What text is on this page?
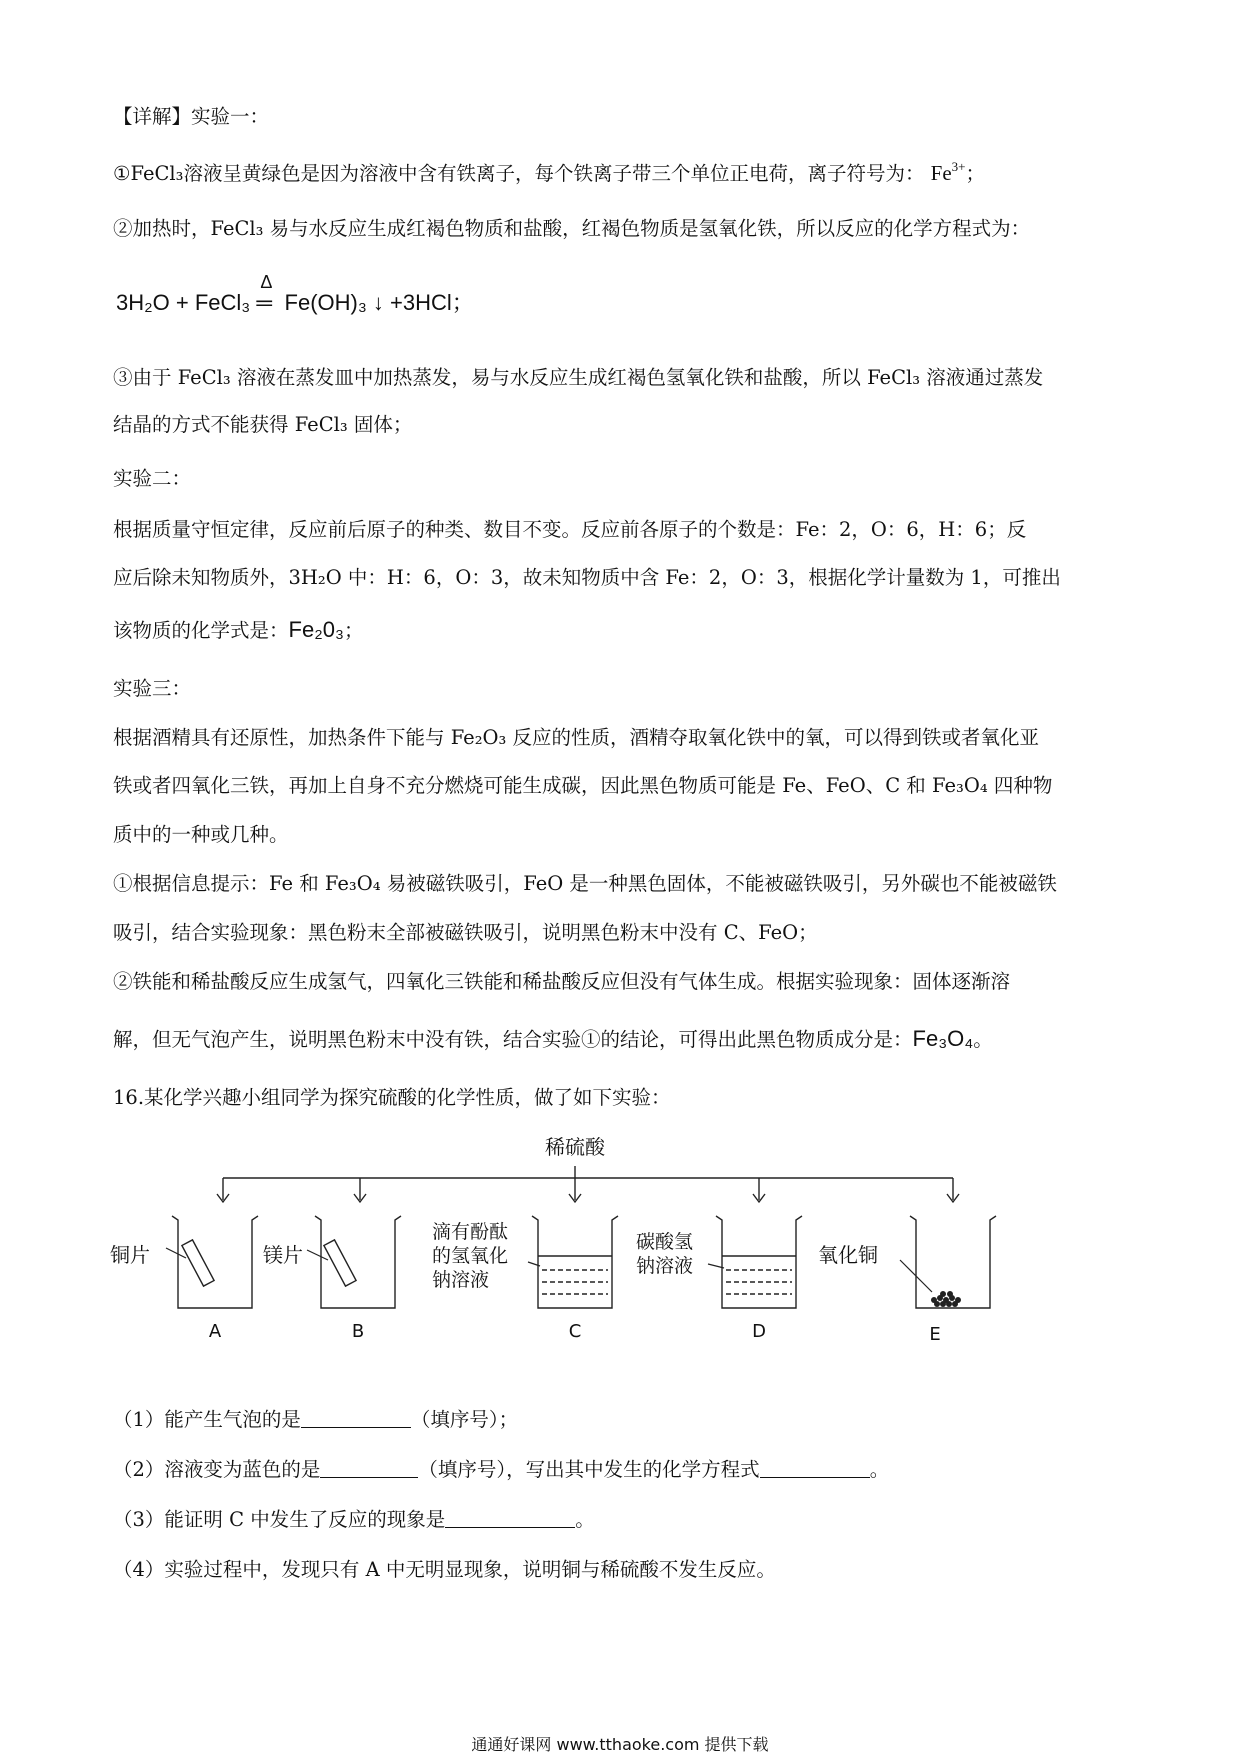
【详解】实验一：
①FeCl₃溶液呈黄绿色是因为溶液中含有铁离子，每个铁离子带三个单位正电荷，离子符号为： $Fe^{3+}$；
②加热时，FeCl₃ 易与水反应生成红褐色物质和盐酸，红褐色物质是氢氧化铁，所以反应的化学方程式为：
3H₂O + FeCl₃
Δ
═ Fe(OH)₃ ↓ +3HCl；
③由于 FeCl₃ 溶液在蒸发皿中加热蒸发，易与水反应生成红褐色氢氧化铁和盐酸，所以 FeCl₃ 溶液通过蒸发
结晶的方式不能获得 FeCl₃ 固体；
实验二：
根据质量守恒定律，反应前后原子的种类、数目不变。反应前各原子的个数是：Fe：2，O：6，H：6；反
应后除未知物质外，3H₂O 中：H：6，O：3，故未知物质中含 Fe：2，O：3，根据化学计量数为 1，可推出
该物质的化学式是：Fe₂0₃；
实验三：
根据酒精具有还原性，加热条件下能与 Fe₂O₃ 反应的性质，酒精夺取氧化铁中的氧，可以得到铁或者氧化亚
铁或者四氧化三铁，再加上自身不充分燃烧可能生成碳，因此黑色物质可能是 Fe、FeO、C 和 Fe₃O₄ 四种物
质中的一种或几种。
①根据信息提示：Fe 和 Fe₃O₄ 易被磁铁吸引，FeO 是一种黑色固体，不能被磁铁吸引，另外碳也不能被磁铁
吸引，结合实验现象：黑色粉末全部被磁铁吸引，说明黑色粉末中没有 C、FeO；
②铁能和稀盐酸反应生成氢气，四氧化三铁能和稀盐酸反应但没有气体生成。根据实验现象：固体逐渐溶
解，但无气泡产生，说明黑色粉末中没有铁，结合实验①的结论，可得出此黑色物质成分是：Fe₃O₄。
16.某化学兴趣小组同学为探究硫酸的化学性质，做了如下实验：
稀硫酸
铜片	镁片
滴有酚酞
的氢氧化
钠溶液
碳酸氢
钠溶液	氧化铜
A	B	C	D	E
（1）能产生气泡的是	（填序号）；
（2）溶液变为蓝色的是	（填序号），写出其中发生的化学方程式	。
（3）能证明 C 中发生了反应的现象是	。
（4）实验过程中，发现只有 A 中无明显现象，说明铜与稀硫酸不发生反应。
通通好课网 www.tthaoke.com 提供下载
